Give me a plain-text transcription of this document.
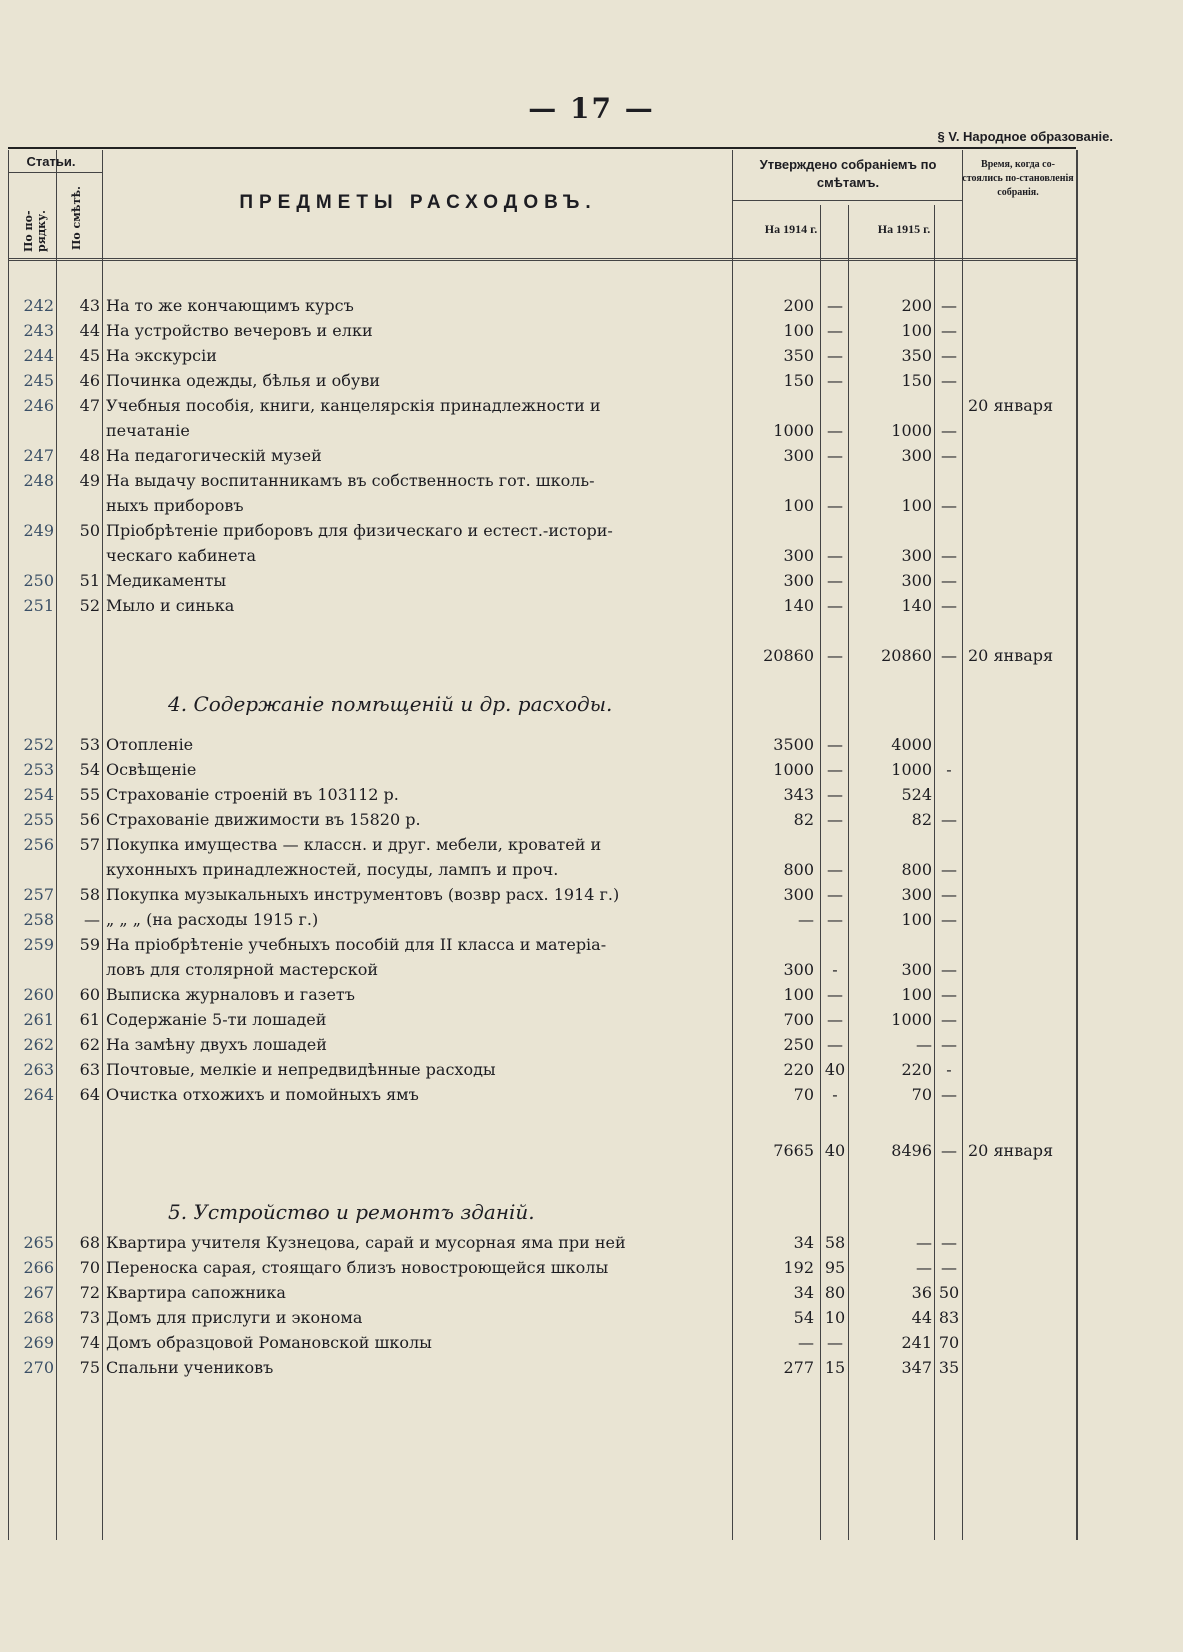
— 17 —
§ V. Народное образованіе.
Статьи.
По по-рядку. По смѣтѣ.	ПРЕДМЕТЫ РАСХОДОВЪ.
Утверждено собраніемъ по смѣтамъ.
На 1914 г.	На 1915 г.
Время, когда со-стоялись по-становленія собранія.
4. Содержаніе помѣщеній и др. расходы.
5. Устройство и ремонтъ зданій.
242	43 На то же кончающимъ курсъ	200 —	200 —
243	44 На устройство вечеровъ и елки	100 —	100 —
244	45 На экскурсіи	350 —	350 —
245	46 Починка одежды, бѣлья и обуви	150 —	150 —
246	47 Учебныя пособія, книги, канцелярскія принадлежности и	20 января
печатаніе	1000 —	1000 —
247	48 На педагогическій музей	300 —	300 —
248	49 На выдачу воспитанникамъ въ собственность гот. школь-
ныхъ приборовъ	100 —	100 —
249	50 Пріобрѣтеніе приборовъ для физическаго и естест.-истори-
ческаго кабинета	300 —	300 —
250	51 Медикаменты	300 —	300 —
251	52 Мыло и синька	140 —	140 —
20860 —	20860 — 20 января
252	53 Отопленіе	3500 —	4000
253	54 Освѣщеніе	1000 —	1000 -
254	55 Страхованіе строеній въ 103112 р.	343 —	524
255	56 Страхованіе движимости въ 15820 р.	82 —	82 —
256	57 Покупка имущества — классн. и друг. мебели, кроватей и
кухонныхъ принадлежностей, посуды, лампъ и проч.	800 —	800 —
257	58 Покупка музыкальныхъ инструментовъ (возвр расх. 1914 г.)	300 —	300 —
258	— „ „ „ (на расходы 1915 г.)	— —	100 —
259	59 На пріобрѣтеніе учебныхъ пособій для II класса и матеріа-
ловъ для столярной мастерской	300	-	300 —
260	60 Выписка журналовъ и газетъ	100 —	100 —
261	61 Содержаніе 5-ти лошадей	700 —	1000 —
262	62 На замѣну двухъ лошадей	250 —	— —
263	63 Почтовые, мелкіе и непредвидѣнные расходы	220 40	220 -
264	64 Очистка отхожихъ и помойныхъ ямъ	70	-	70 —
7665 40	8496 — 20 января
265	68 Квартира учителя Кузнецова, сарай и мусорная яма при ней	34 58	— —
266	70 Переноска сарая, стоящаго близъ новостроющейся школы	192 95	— —
267	72 Квартира сапожника	34 80	36 50
268	73 Домъ для прислуги и эконома	54 10	44 83
269	74 Домъ образцовой Романовской школы	— —	241 70
270	75 Спальни учениковъ	277 15	347 35
